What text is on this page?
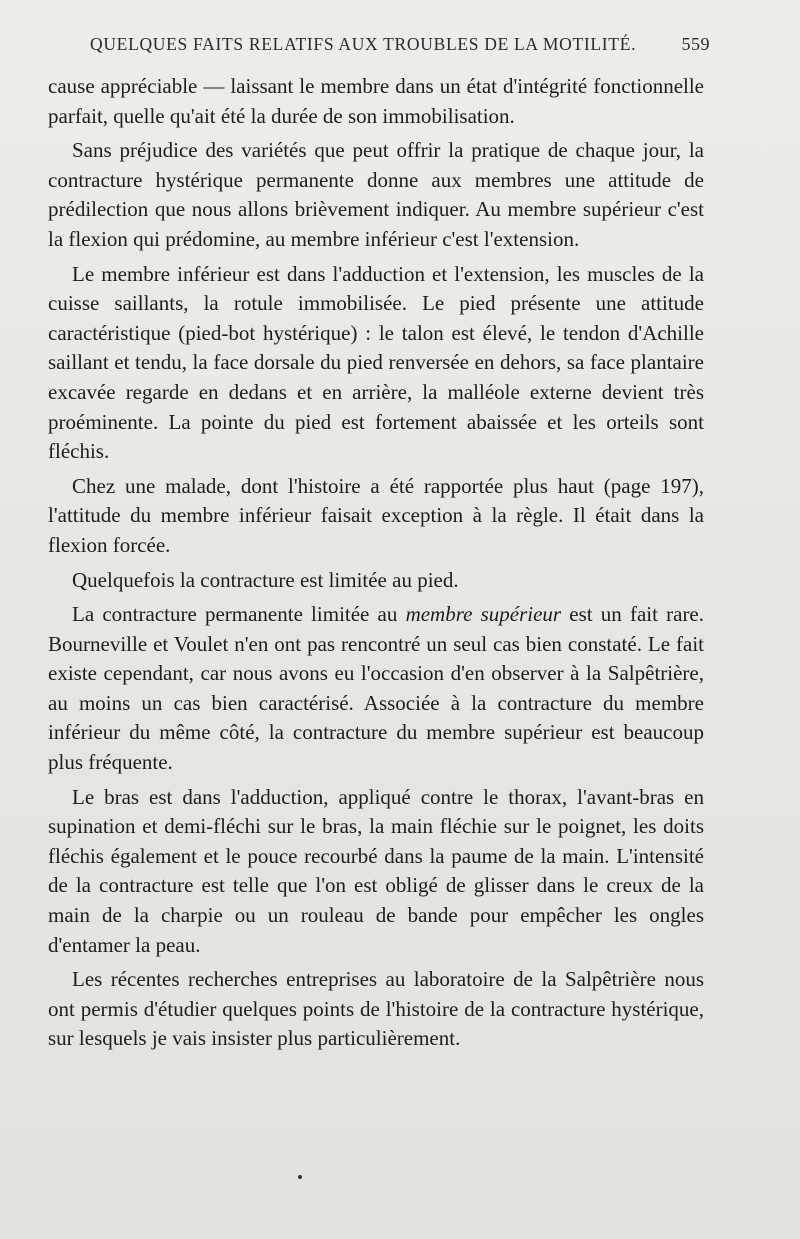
QUELQUES FAITS RELATIFS AUX TROUBLES DE LA MOTILITÉ.	559

cause appréciable — laissant le membre dans un état d'intégrité fonctionnelle parfait, quelle qu'ait été la durée de son immobilisation.

Sans préjudice des variétés que peut offrir la pratique de chaque jour, la contracture hystérique permanente donne aux membres une attitude de prédilection que nous allons brièvement indiquer. Au membre supérieur c'est la flexion qui prédomine, au membre inférieur c'est l'extension.

Le membre inférieur est dans l'adduction et l'extension, les muscles de la cuisse saillants, la rotule immobilisée. Le pied présente une attitude caractéristique (pied-bot hystérique) : le talon est élevé, le tendon d'Achille saillant et tendu, la face dorsale du pied renversée en dehors, sa face plantaire excavée regarde en dedans et en arrière, la malléole externe devient très proéminente. La pointe du pied est fortement abaissée et les orteils sont fléchis.

Chez une malade, dont l'histoire a été rapportée plus haut (page 197), l'attitude du membre inférieur faisait exception à la règle. Il était dans la flexion forcée.

Quelquefois la contracture est limitée au pied.

La contracture permanente limitée au membre supérieur est un fait rare. Bourneville et Voulet n'en ont pas rencontré un seul cas bien constaté. Le fait existe cependant, car nous avons eu l'occasion d'en observer à la Salpêtrière, au moins un cas bien caractérisé. Associée à la contracture du membre inférieur du même côté, la contracture du membre supérieur est beaucoup plus fréquente.

Le bras est dans l'adduction, appliqué contre le thorax, l'avant-bras en supination et demi-fléchi sur le bras, la main fléchie sur le poignet, les doits fléchis également et le pouce recourbé dans la paume de la main. L'intensité de la contracture est telle que l'on est obligé de glisser dans le creux de la main de la charpie ou un rouleau de bande pour empêcher les ongles d'entamer la peau.

Les récentes recherches entreprises au laboratoire de la Salpêtrière nous ont permis d'étudier quelques points de l'histoire de la contracture hystérique, sur lesquels je vais insister plus particulièrement.
